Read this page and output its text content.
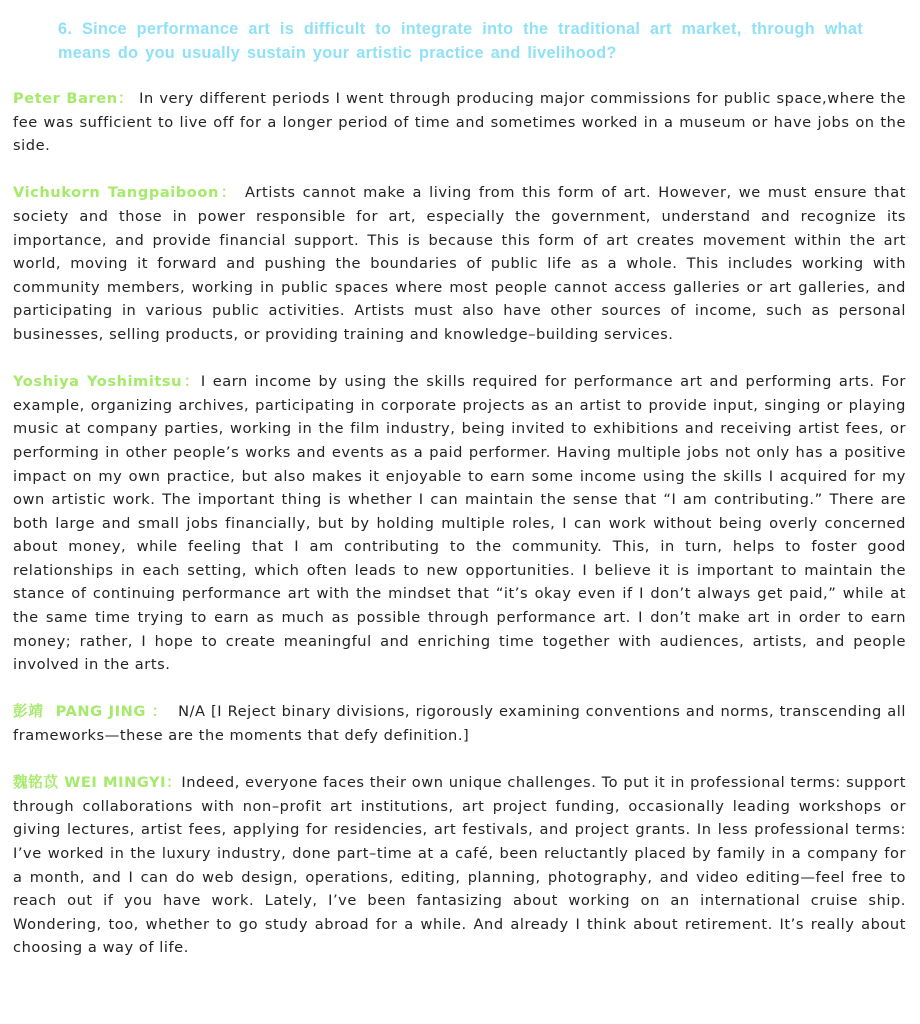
6. Since performance art is difficult to integrate into the traditional art market, through what means do you usually sustain your artistic practice and livelihood?

Peter Baren： In very different periods I went through producing major commissions for public space,where the fee was sufficient to live off for a longer period of time and sometimes worked in a museum or have jobs on the side.

Vichukorn Tangpaiboon： Artists cannot make a living from this form of art. However, we must ensure that society and those in power responsible for art, especially the government, understand and recognize its importance, and provide financial support. This is because this form of art creates movement within the art world, moving it forward and pushing the boundaries of public life as a whole. This includes working with community members, working in public spaces where most people cannot access galleries or art galleries, and participating in various public activities. Artists must also have other sources of income, such as personal businesses, selling products, or providing training and knowledge–building services.

Yoshiya Yoshimitsu：I earn income by using the skills required for performance art and performing arts. For example, organizing archives, participating in corporate projects as an artist to provide input, singing or playing music at company parties, working in the film industry, being invited to exhibitions and receiving artist fees, or performing in other people’s works and events as a paid performer. Having multiple jobs not only has a positive impact on my own practice, but also makes it enjoyable to earn some income using the skills I acquired for my own artistic work. The important thing is whether I can maintain the sense that “I am contributing.” There are both large and small jobs financially, but by holding multiple roles, I can work without being overly concerned about money, while feeling that I am contributing to the community. This, in turn, helps to foster good relationships in each setting, which often leads to new opportunities. I believe it is important to maintain the stance of continuing performance art with the mindset that “it’s okay even if I don’t always get paid,” while at the same time trying to earn as much as possible through performance art. I don’t make art in order to earn money; rather, I hope to create meaningful and enriching time together with audiences, artists, and people involved in the arts.

彭靖  PANG JING ：  N/A [I Reject binary divisions, rigorously examining conventions and norms, transcending all frameworks—these are the moments that defy definition.]

魏铭苡 WEI MINGYI：Indeed, everyone faces their own unique challenges. To put it in professional terms: support through collaborations with non–profit art institutions, art project funding, occasionally leading workshops or giving lectures, artist fees, applying for residencies, art festivals, and project grants. In less professional terms: I’ve worked in the luxury industry, done part–time at a café, been reluctantly placed by family in a company for a month, and I can do web design, operations, editing, planning, photography, and video editing—feel free to reach out if you have work. Lately, I’ve been fantasizing about working on an international cruise ship. Wondering, too, whether to go study abroad for a while. And already I think about retirement. It’s really about choosing a way of life.
